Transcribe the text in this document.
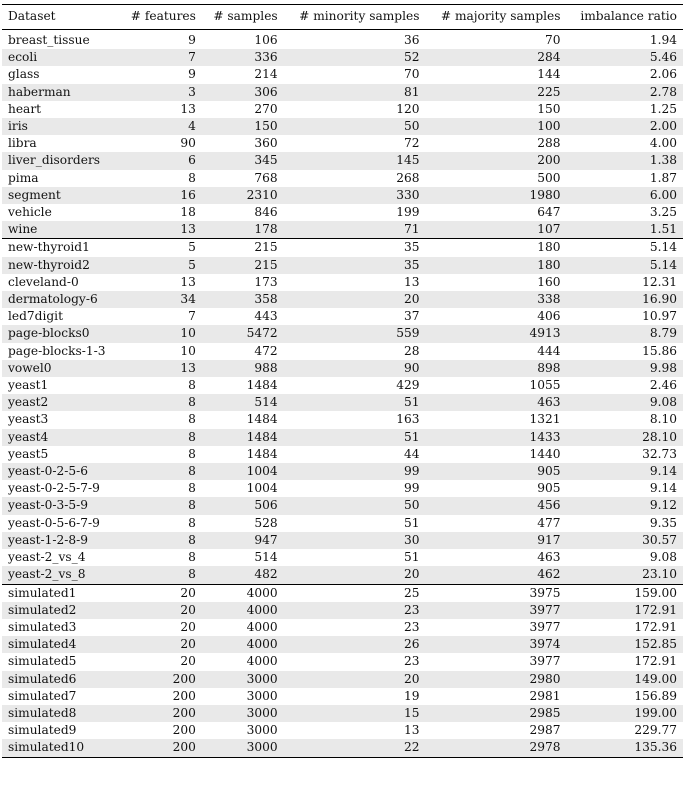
Dataset	# features	# samples	# minority samples	# majority samples	imbalance ratio
breast_tissue	9	106	36	70	1.94
ecoli	7	336	52	284	5.46
glass	9	214	70	144	2.06
haberman	3	306	81	225	2.78
heart	13	270	120	150	1.25
iris	4	150	50	100	2.00
libra	90	360	72	288	4.00
liver_disorders	6	345	145	200	1.38
pima	8	768	268	500	1.87
segment	16	2310	330	1980	6.00
vehicle	18	846	199	647	3.25
wine	13	178	71	107	1.51
new-thyroid1	5	215	35	180	5.14
new-thyroid2	5	215	35	180	5.14
cleveland-0	13	173	13	160	12.31
dermatology-6	34	358	20	338	16.90
led7digit	7	443	37	406	10.97
page-blocks0	10	5472	559	4913	8.79
page-blocks-1-3	10	472	28	444	15.86
vowel0	13	988	90	898	9.98
yeast1	8	1484	429	1055	2.46
yeast2	8	514	51	463	9.08
yeast3	8	1484	163	1321	8.10
yeast4	8	1484	51	1433	28.10
yeast5	8	1484	44	1440	32.73
yeast-0-2-5-6	8	1004	99	905	9.14
yeast-0-2-5-7-9	8	1004	99	905	9.14
yeast-0-3-5-9	8	506	50	456	9.12
yeast-0-5-6-7-9	8	528	51	477	9.35
yeast-1-2-8-9	8	947	30	917	30.57
yeast-2_vs_4	8	514	51	463	9.08
yeast-2_vs_8	8	482	20	462	23.10
simulated1	20	4000	25	3975	159.00
simulated2	20	4000	23	3977	172.91
simulated3	20	4000	23	3977	172.91
simulated4	20	4000	26	3974	152.85
simulated5	20	4000	23	3977	172.91
simulated6	200	3000	20	2980	149.00
simulated7	200	3000	19	2981	156.89
simulated8	200	3000	15	2985	199.00
simulated9	200	3000	13	2987	229.77
simulated10	200	3000	22	2978	135.36
